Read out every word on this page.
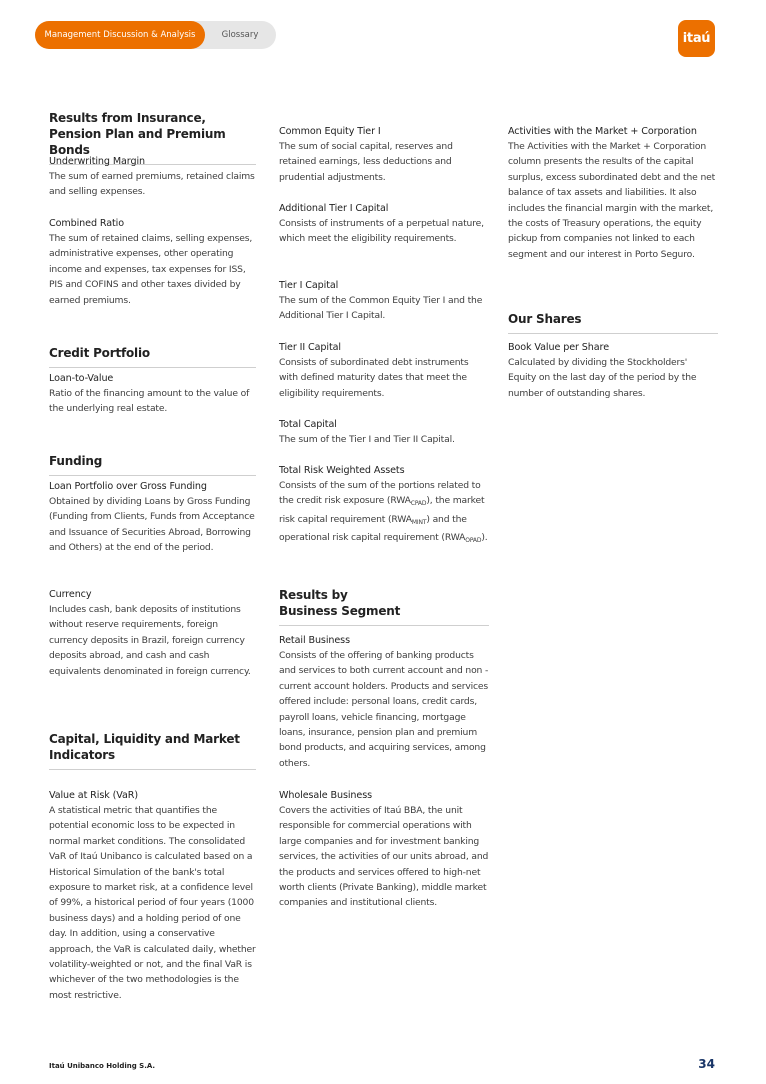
Management Discussion & Analysis	Glossary	itaú
Results from Insurance, Pension Plan and Premium Bonds
Underwriting Margin
The sum of earned premiums, retained claims and selling expenses.
Combined Ratio
The sum of retained claims, selling expenses, administrative expenses, other operating income and expenses, tax expenses for ISS, PIS and COFINS and other taxes divided by earned premiums.
Credit Portfolio
Loan-to-Value
Ratio of the financing amount to the value of the underlying real estate.
Funding
Loan Portfolio over Gross Funding
Obtained by dividing Loans by Gross Funding (Funding from Clients, Funds from Acceptance and Issuance of Securities Abroad, Borrowing and Others) at the end of the period.
Currency
Includes cash, bank deposits of institutions without reserve requirements, foreign currency deposits in Brazil, foreign currency deposits abroad, and cash and cash equivalents denominated in foreign currency.
Capital, Liquidity and Market Indicators
Value at Risk (VaR)
A statistical metric that quantifies the potential economic loss to be expected in normal market conditions. The consolidated VaR of Itaú Unibanco is calculated based on a Historical Simulation of the bank's total exposure to market risk, at a confidence level of 99%, a historical period of four years (1000 business days) and a holding period of one day. In addition, using a conservative approach, the VaR is calculated daily, whether volatility-weighted or not, and the final VaR is whichever of the two methodologies is the most restrictive.
Common Equity Tier I
The sum of social capital, reserves and retained earnings, less deductions and prudential adjustments.
Additional Tier I Capital
Consists of instruments of a perpetual nature, which meet the eligibility requirements.
Tier I Capital
The sum of the Common Equity Tier I and the Additional Tier I Capital.
Tier II Capital
Consists of subordinated debt instruments with defined maturity dates that meet the eligibility requirements.
Total Capital
The sum of the Tier I and Tier II Capital.
Total Risk Weighted Assets
Consists of the sum of the portions related to the credit risk exposure $(RWA_{CPAD})$, the market risk capital requirement $(RWA_{MINT})$ and the operational risk capital requirement $(RWA_{OPAD})$.
Results by Business Segment
Retail Business
Consists of the offering of banking products and services to both current account and non -current account holders. Products and services offered include: personal loans, credit cards, payroll loans, vehicle financing, mortgage loans, insurance, pension plan and premium bond products, and acquiring services, among others.
Wholesale Business
Covers the activities of Itaú BBA, the unit responsible for commercial operations with large companies and for investment banking services, the activities of our units abroad, and the products and services offered to high-net worth clients (Private Banking), middle market companies and institutional clients.
Activities with the Market + Corporation
The Activities with the Market + Corporation column presents the results of the capital surplus, excess subordinated debt and the net balance of tax assets and liabilities. It also includes the financial margin with the market, the costs of Treasury operations, the equity pickup from companies not linked to each segment and our interest in Porto Seguro.
Our Shares
Book Value per Share
Calculated by dividing the Stockholders' Equity on the last day of the period by the number of outstanding shares.
Itaú Unibanco Holding S.A.	34
